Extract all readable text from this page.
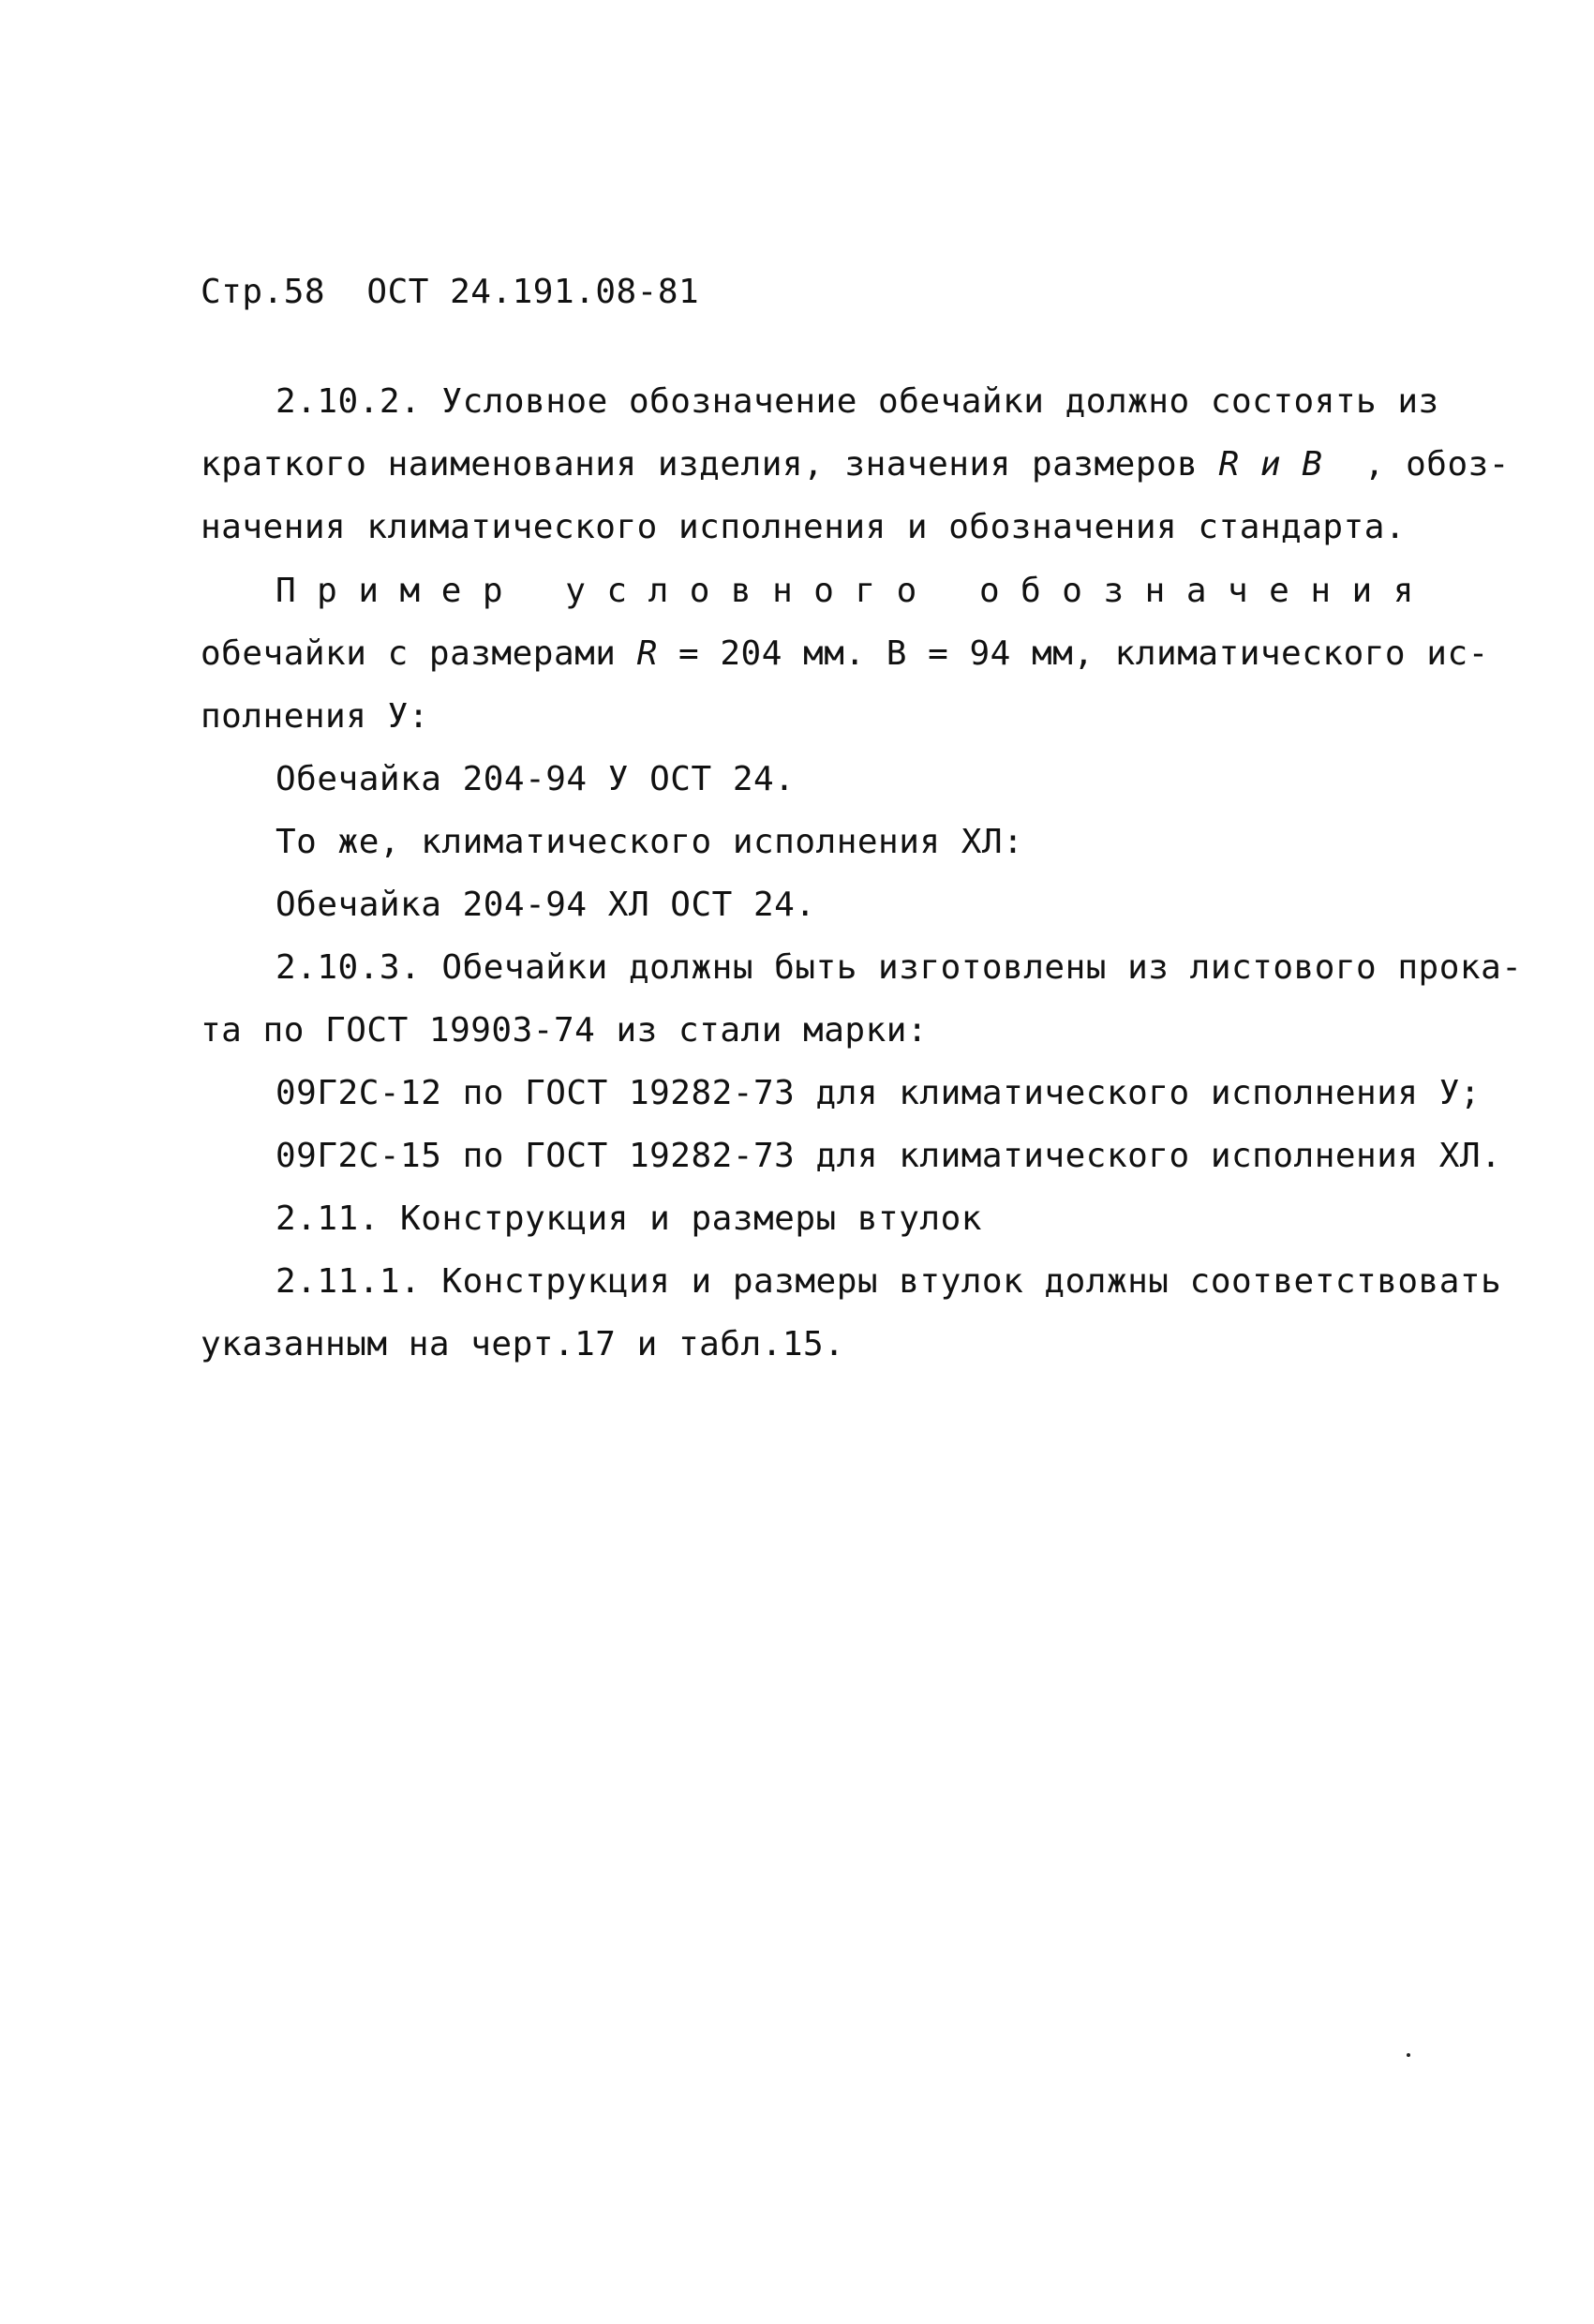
Стр.58 ОСТ 24.191.08-81
2.10.2. Условное обозначение обечайки должно состоять из
краткого наименования изделия, значения размеров R и B  , обоз-
начения климатического исполнения и обозначения стандарта.
Пример условного обозначения
обечайки с размерами R = 204 мм. В = 94 мм, климатического ис-
полнения У:
Обечайка 204-94 У ОСТ 24.
То же, климатического исполнения ХЛ:
Обечайка 204-94 ХЛ ОСТ 24.
2.10.3. Обечайки должны быть изготовлены из листового прока-
та по ГОСТ 19903-74 из стали марки:
09Г2С-12 по ГОСТ 19282-73 для климатического исполнения У;
09Г2С-15 по ГОСТ 19282-73 для климатического исполнения ХЛ.
2.11. Конструкция и размеры втулок
2.11.1. Конструкция и размеры втулок должны соответствовать
указанным на черт.17 и табл.15.
